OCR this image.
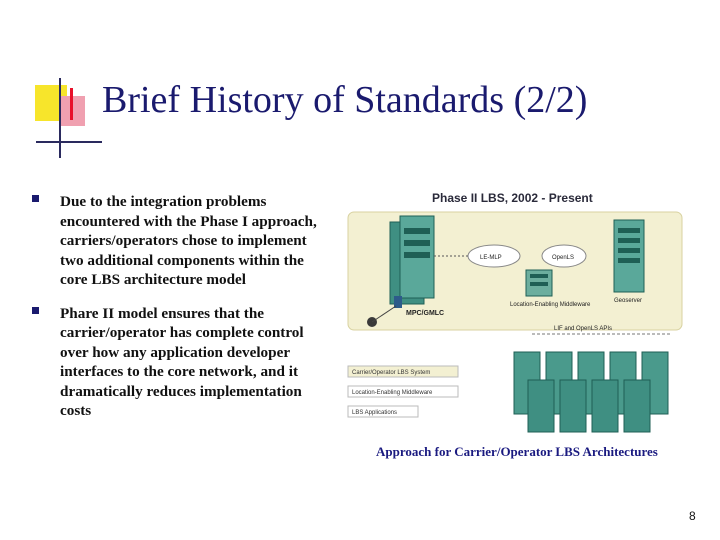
Brief History of Standards (2/2)
Due to the integration problems encountered with the Phase I approach, carriers/operators chose to implement two additional components within the core LBS architecture model
Phare II model ensures that the carrier/operator has complete control over how any application developer interfaces to the core network, and it dramatically reduces implementation costs
Phase II LBS, 2002 - Present
MPC/GMLC
LE-MLP	OpenLS
Location-Enabling Middleware
Geoserver
LIF and OpenLS APIs
Carrier/Operator LBS System
Location-Enabling Middleware
LBS Applications
Approach for Carrier/Operator LBS Architectures
8
